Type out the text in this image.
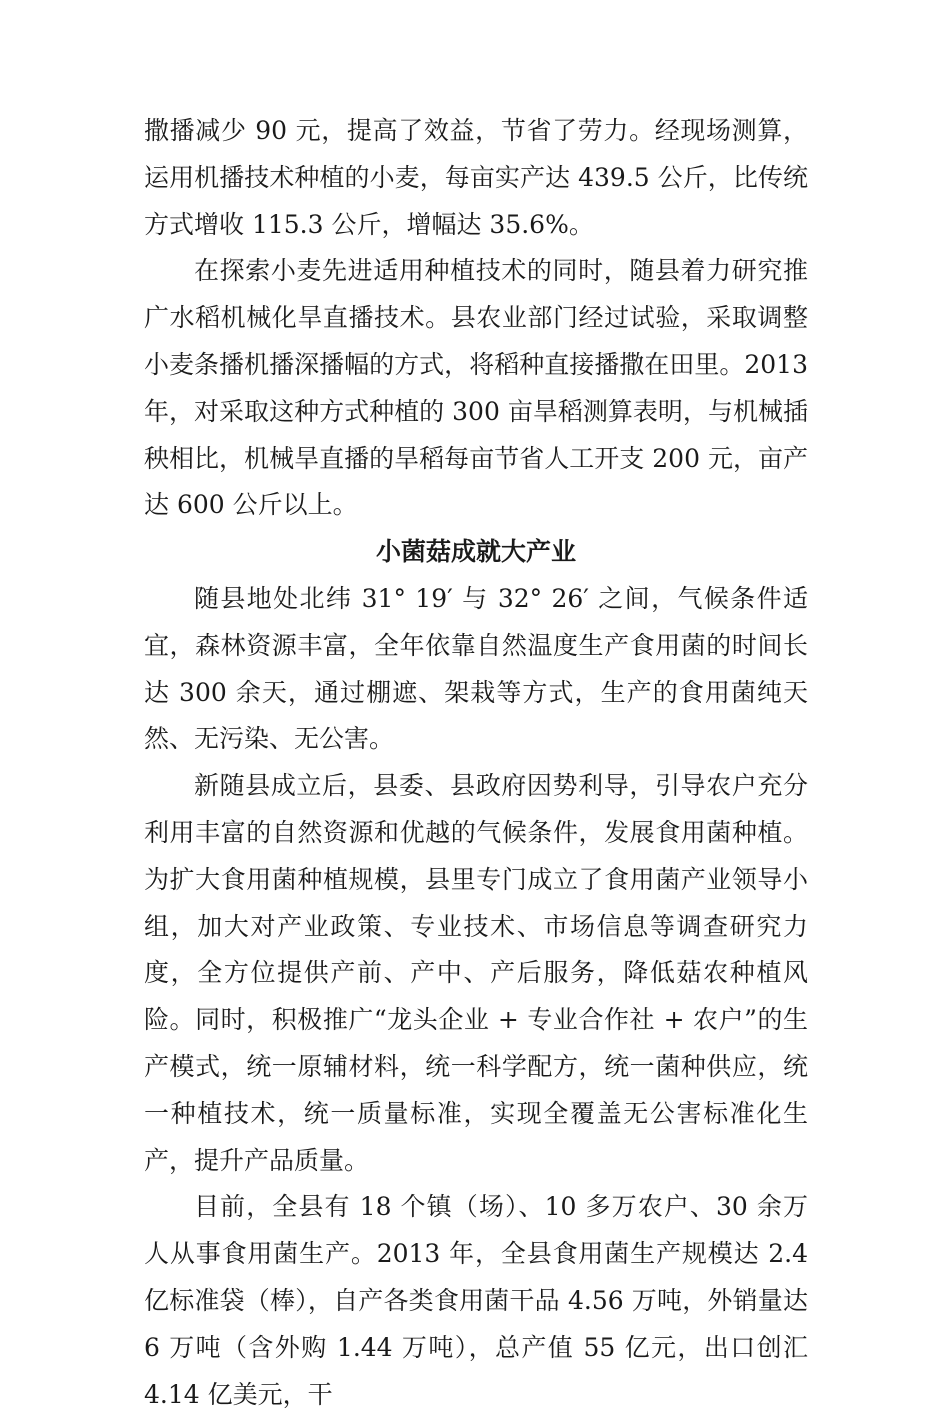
撒播减少 90 元，提高了效益，节省了劳力。经现场测算，运用机播技术种植的小麦，每亩实产达 439.5 公斤，比传统方式增收 115.3 公斤，增幅达 35.6%。

在探索小麦先进适用种植技术的同时，随县着力研究推广水稻机械化旱直播技术。县农业部门经过试验，采取调整小麦条播机播深播幅的方式，将稻种直接播撒在田里。2013 年，对采取这种方式种植的 300 亩旱稻测算表明，与机械插秧相比，机械旱直播的旱稻每亩节省人工开支 200 元，亩产达 600 公斤以上。

小菌菇成就大产业

随县地处北纬 31° 19′ 与 32° 26′ 之间，气候条件适宜，森林资源丰富，全年依靠自然温度生产食用菌的时间长达 300 余天，通过棚遮、架栽等方式，生产的食用菌纯天然、无污染、无公害。

新随县成立后，县委、县政府因势利导，引导农户充分利用丰富的自然资源和优越的气候条件，发展食用菌种植。为扩大食用菌种植规模，县里专门成立了食用菌产业领导小组，加大对产业政策、专业技术、市场信息等调查研究力度，全方位提供产前、产中、产后服务，降低菇农种植风险。同时，积极推广“龙头企业 + 专业合作社 + 农户”的生产模式，统一原辅材料，统一科学配方，统一菌种供应，统一种植技术，统一质量标准，实现全覆盖无公害标准化生产，提升产品质量。

目前，全县有 18 个镇（场）、10 多万农户、30 余万人从事食用菌生产。2013 年，全县食用菌生产规模达 2.4 亿标准袋（棒），自产各类食用菌干品 4.56 万吨，外销量达 6 万吨（含外购 1.44 万吨），总产值 55 亿元，出口创汇 4.14 亿美元，干
